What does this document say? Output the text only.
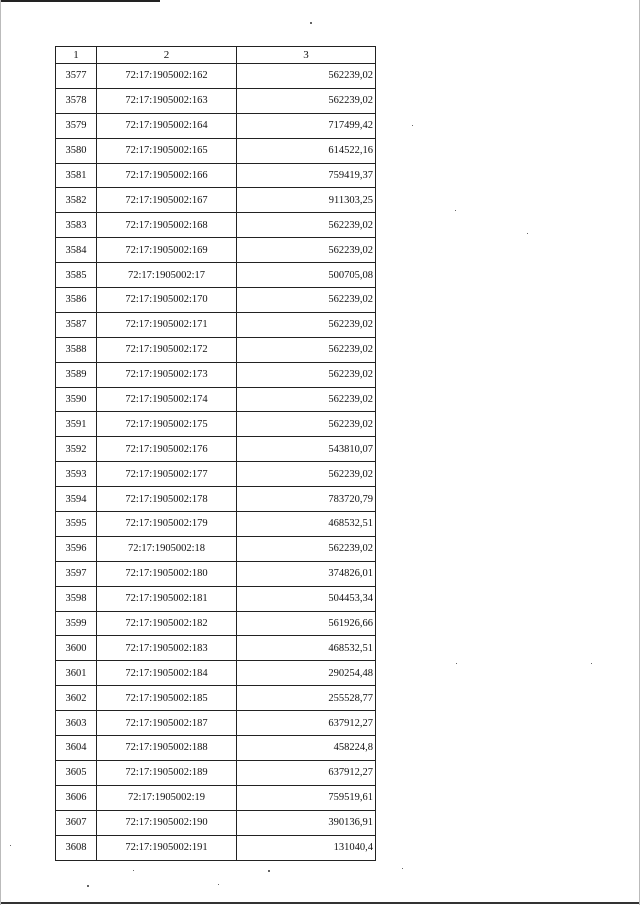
1	2	3
3577	72:17:1905002:162	562239,02
3578	72:17:1905002:163	562239,02
3579	72:17:1905002:164	717499,42
3580	72:17:1905002:165	614522,16
3581	72:17:1905002:166	759419,37
3582	72:17:1905002:167	911303,25
3583	72:17:1905002:168	562239,02
3584	72:17:1905002:169	562239,02
3585	72:17:1905002:17	500705,08
3586	72:17:1905002:170	562239,02
3587	72:17:1905002:171	562239,02
3588	72:17:1905002:172	562239,02
3589	72:17:1905002:173	562239,02
3590	72:17:1905002:174	562239,02
3591	72:17:1905002:175	562239,02
3592	72:17:1905002:176	543810,07
3593	72:17:1905002:177	562239,02
3594	72:17:1905002:178	783720,79
3595	72:17:1905002:179	468532,51
3596	72:17:1905002:18	562239,02
3597	72:17:1905002:180	374826,01
3598	72:17:1905002:181	504453,34
3599	72:17:1905002:182	561926,66
3600	72:17:1905002:183	468532,51
3601	72:17:1905002:184	290254,48
3602	72:17:1905002:185	255528,77
3603	72:17:1905002:187	637912,27
3604	72:17:1905002:188	458224,8
3605	72:17:1905002:189	637912,27
3606	72:17:1905002:19	759519,61
3607	72:17:1905002:190	390136,91
3608	72:17:1905002:191	131040,4
